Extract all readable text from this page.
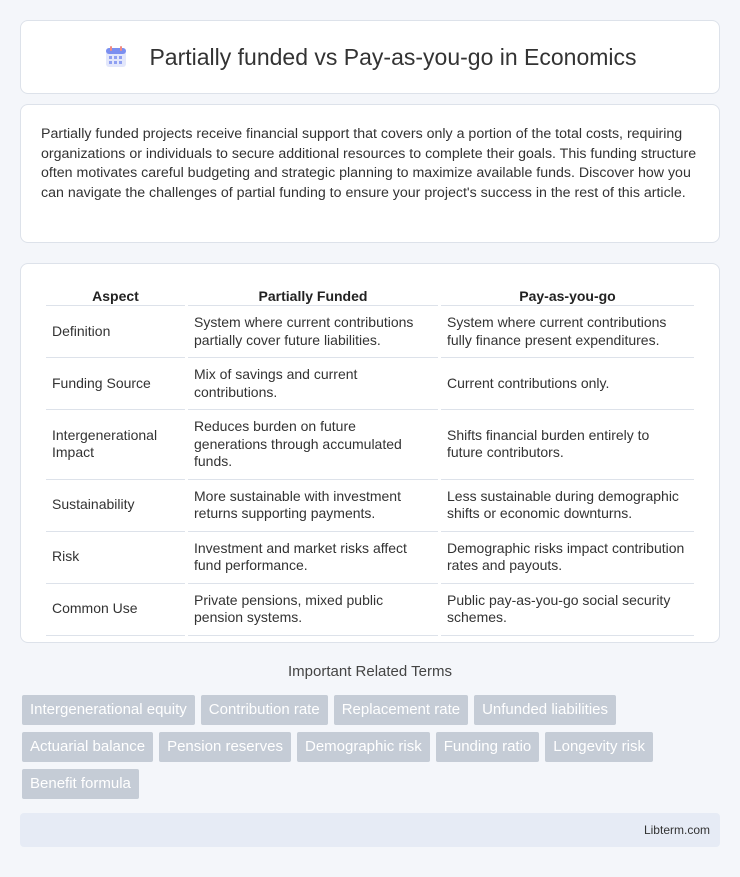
Partially funded vs Pay-as-you-go in Economics

Partially funded projects receive financial support that covers only a portion of the total costs, requiring organizations or individuals to secure additional resources to complete their goals. This funding structure often motivates careful budgeting and strategic planning to maximize available funds. Discover how you can navigate the challenges of partial funding to ensure your project's success in the rest of this article.

Aspect	Partially Funded	Pay-as-you-go
Definition	System where current contributions partially cover future liabilities.	System where current contributions fully finance present expenditures.
Funding Source	Mix of savings and current contributions.	Current contributions only.
Intergenerational Impact	Reduces burden on future generations through accumulated funds.	Shifts financial burden entirely to future contributors.
Sustainability	More sustainable with investment returns supporting payments.	Less sustainable during demographic shifts or economic downturns.
Risk	Investment and market risks affect fund performance.	Demographic risks impact contribution rates and payouts.
Common Use	Private pensions, mixed public pension systems.	Public pay-as-you-go social security schemes.
Important Related Terms
Intergenerational equity	Contribution rate	Replacement rate	Unfunded liabilities
Actuarial balance	Pension reserves	Demographic risk	Funding ratio	Longevity risk
Benefit formula
Libterm.com
